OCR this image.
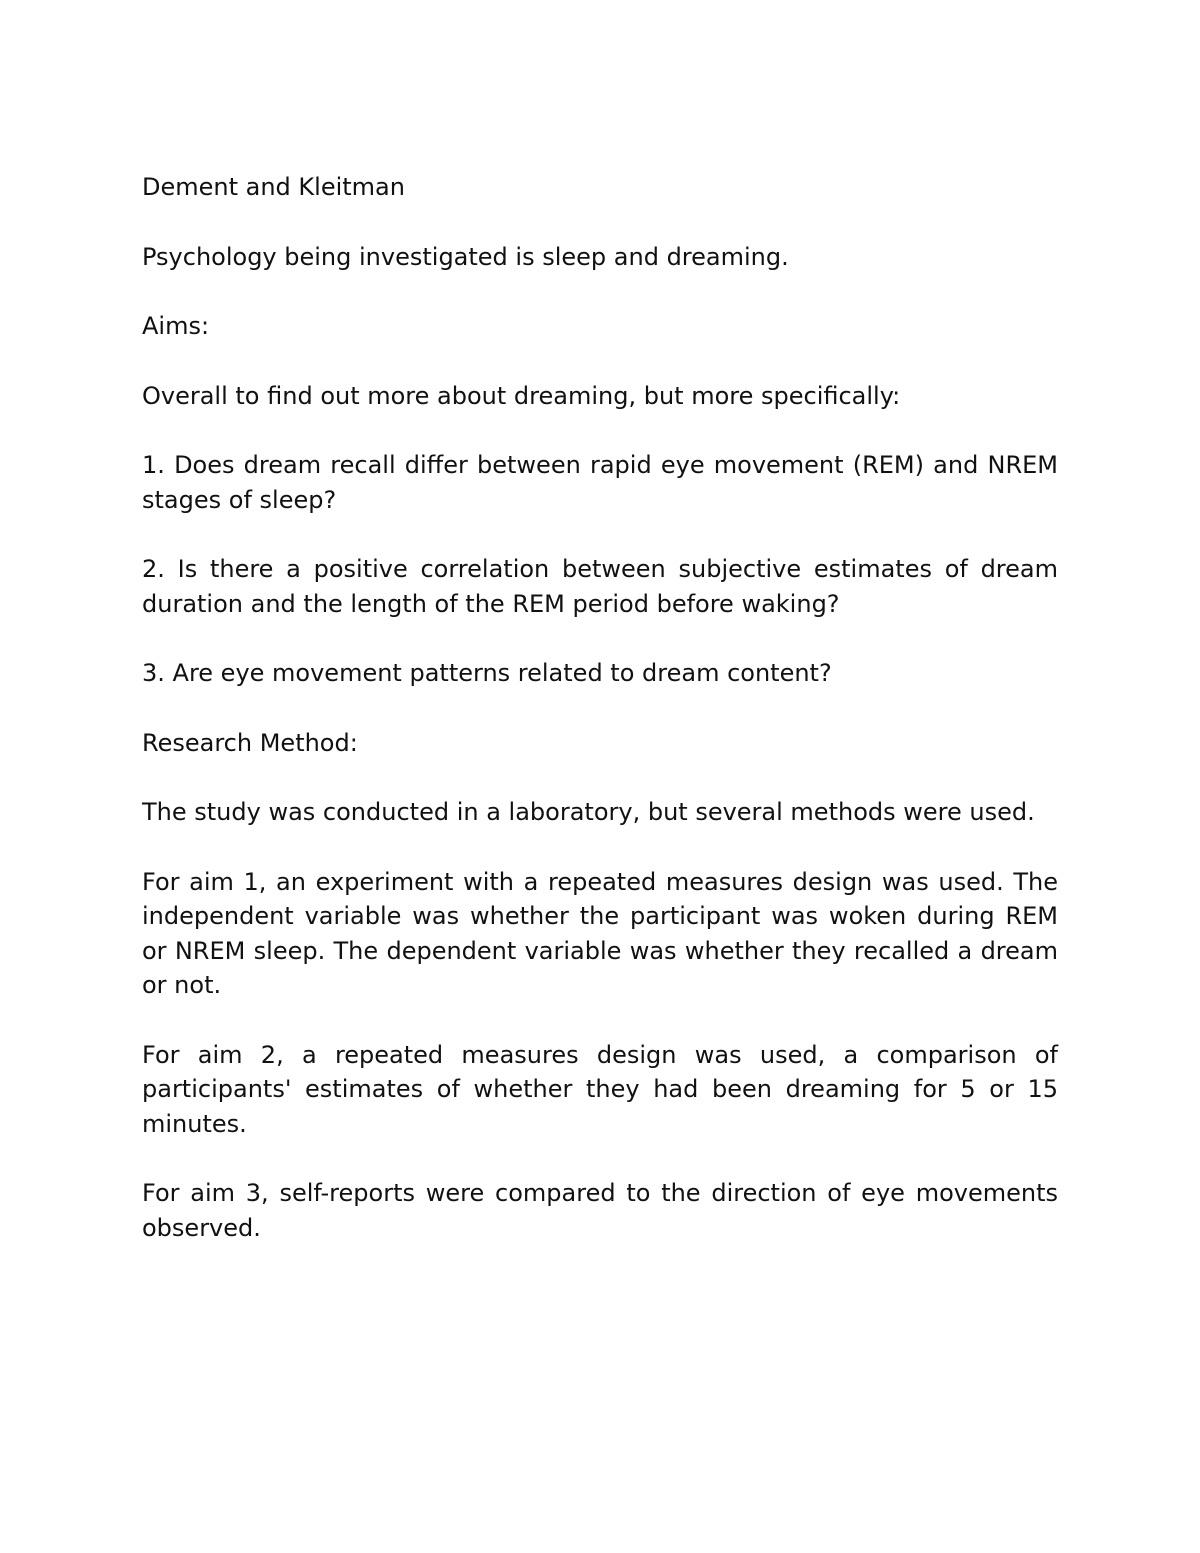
Dement and Kleitman

Psychology being investigated is sleep and dreaming.

Aims:

Overall to find out more about dreaming, but more specifically:

1. Does dream recall differ between rapid eye movement (REM) and NREM stages of sleep?

2. Is there a positive correlation between subjective estimates of dream duration and the length of the REM period before waking?

3. Are eye movement patterns related to dream content?

Research Method:

The study was conducted in a laboratory, but several methods were used.

For aim 1, an experiment with a repeated measures design was used. The independent variable was whether the participant was woken during REM or NREM sleep. The dependent variable was whether they recalled a dream or not.

For aim 2, a repeated measures design was used, a comparison of participants' estimates of whether they had been dreaming for 5 or 15 minutes.

For aim 3, self-reports were compared to the direction of eye movements observed.
